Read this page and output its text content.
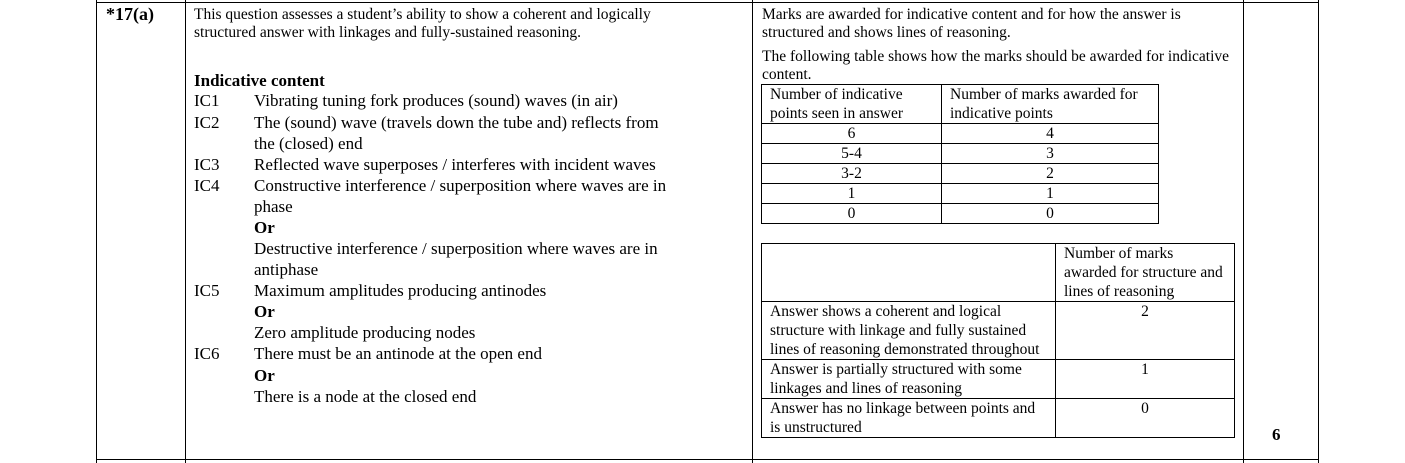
*17(a)	This question assesses a student’s ability to show a coherent and logically structured answer with linkages and fully-sustained reasoning.
Indicative content
IC1 Vibrating tuning fork produces (sound) waves (in air)
IC2 The (sound) wave (travels down the tube and) reflects from
the (closed) end
IC3 Reflected wave superposes / interferes with incident waves
IC4 Constructive interference / superposition where waves are in
phase
Or
Destructive interference / superposition where waves are in
antiphase
IC5 Maximum amplitudes producing antinodes
Or
Zero amplitude producing nodes
IC6 There must be an antinode at the open end
Or
There is a node at the closed end
Marks are awarded for indicative content and for how the answer is structured and shows lines of reasoning.
The following table shows how the marks should be awarded for indicative content.
Number of indicative points seen in answer	Number of marks awarded for indicative points
6	4
5-4	3
3-2	2
1	1
0	0
	Number of marks awarded for structure and lines of reasoning
Answer shows a coherent and logical structure with linkage and fully sustained lines of reasoning demonstrated throughout	2
Answer is partially structured with some linkages and lines of reasoning	1
Answer has no linkage between points and is unstructured	0
6
